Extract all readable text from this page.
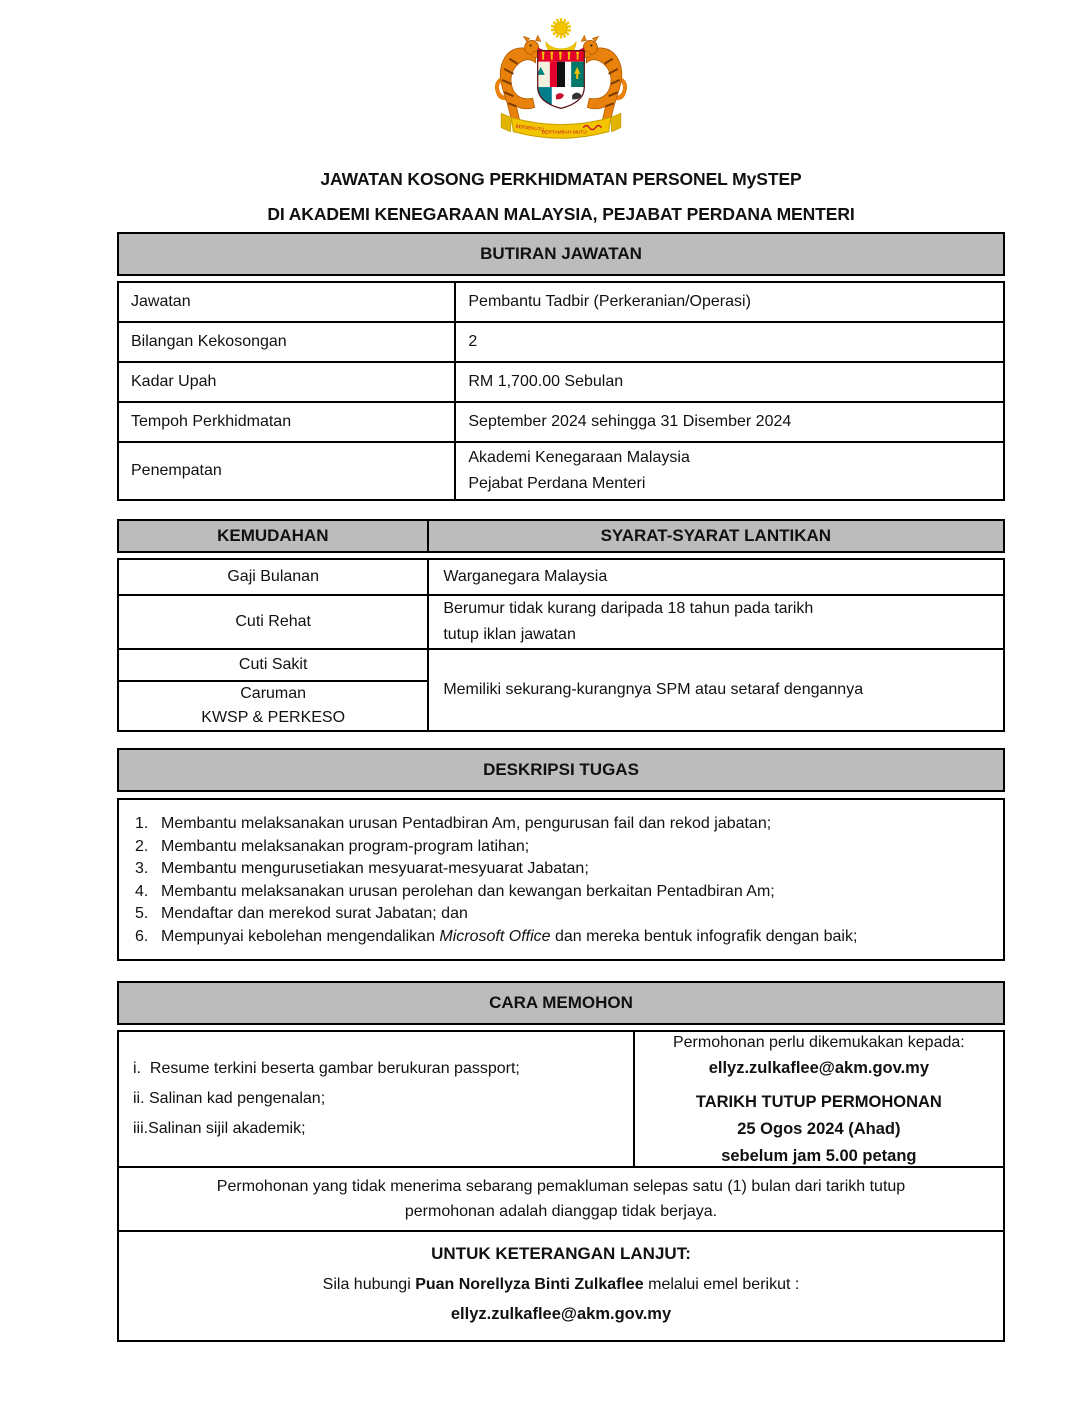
BERSEKUTU
BERTAMBAH MUTU
JAWATAN KOSONG PERKHIDMATAN PERSONEL MySTEP
DI AKADEMI KENEGARAAN MALAYSIA, PEJABAT PERDANA MENTERI
BUTIRAN JAWATAN
Jawatan	Pembantu Tadbir (Perkeranian/Operasi)
Bilangan Kekosongan	2
Kadar Upah	RM 1,700.00 Sebulan
Tempoh Perkhidmatan	September 2024 sehingga 31 Disember 2024
Penempatan	Akademi Kenegaraan Malaysia
Pejabat Perdana Menteri
KEMUDAHAN	SYARAT-SYARAT LANTIKAN
Gaji Bulanan	Warganegara Malaysia
Cuti Rehat	Berumur tidak kurang daripada 18 tahun pada tarikh
tutup iklan jawatan

Cuti Sakit	Memiliki sekurang-kurangnya SPM atau setaraf dengannya

Caruman
KWSP & PERKESO	
DESKRIPSI TUGAS
1. Membantu melaksanakan urusan Pentadbiran Am, pengurusan fail dan rekod jabatan;
2. Membantu melaksanakan program-program latihan;
3. Membantu mengurusetiakan mesyuarat-mesyuarat Jabatan;
4. Membantu melaksanakan urusan perolehan dan kewangan berkaitan Pentadbiran Am;
5. Mendaftar dan merekod surat Jabatan; dan
6. Mempunyai kebolehan mengendalikan Microsoft Office dan mereka bentuk infografik dengan baik;
CARA MEMOHON
i.  Resume terkini beserta gambar berukuran passport;
ii. Salinan kad pengenalan;
iii.Salinan sijil akademik;

Permohonan perlu dikemukakan kepada:
ellyz.zulkaflee@akm.gov.my
TARIKH TUTUP PERMOHONAN
25 Ogos 2024 (Ahad)
sebelum jam 5.00 petang

Permohonan yang tidak menerima sebarang pemakluman selepas satu (1) bulan dari tarikh tutup
permohonan adalah dianggap tidak berjaya.

UNTUK KETERANGAN LANJUT:
Sila hubungi Puan Norellyza Binti Zulkaflee melalui emel berikut :
ellyz.zulkaflee@akm.gov.my
